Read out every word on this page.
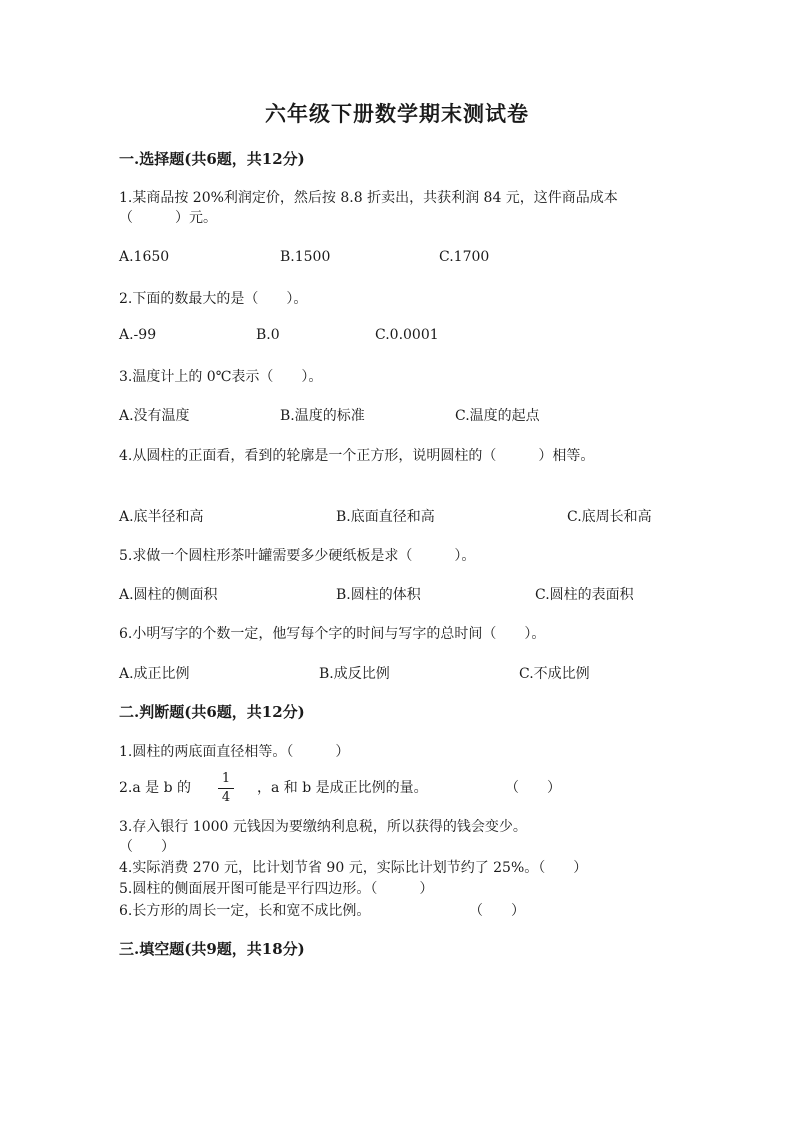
六年级下册数学期末测试卷
一.选择题(共6题，共12分)
1.某商品按 20%利润定价，然后按 8.8 折卖出，共获利润 84 元，这件商品成本
（　　　）元。
A.1650	B.1500	C.1700
2.下面的数最大的是（　　）。
A.-99	B.0	C.0.0001
3.温度计上的 0℃表示（　　）。
A.没有温度	B.温度的标准	C.温度的起点
4.从圆柱的正面看，看到的轮廓是一个正方形，说明圆柱的（　　　）相等。
A.底半径和高	B.底面直径和高	C.底周长和高
5.求做一个圆柱形茶叶罐需要多少硬纸板是求（　　　）。
A.圆柱的侧面积	B.圆柱的体积	C.圆柱的表面积
6.小明写字的个数一定，他写每个字的时间与写字的总时间（　　）。
A.成正比例	B.成反比例	C.不成比例
二.判断题(共6题，共12分)
1.圆柱的两底面直径相等。（　　　）
2.a 是 b 的
1
4
，a 和 b 是成正比例的量。	（　　）
3.存入银行 1000 元钱因为要缴纳利息税，所以获得的钱会变少。
（　　）
4.实际消费 270 元，比计划节省 90 元，实际比计划节约了 25%。（　　）
5.圆柱的侧面展开图可能是平行四边形。（　　　）
6.长方形的周长一定，长和宽不成比例。	（　　）
三.填空题(共9题，共18分)
